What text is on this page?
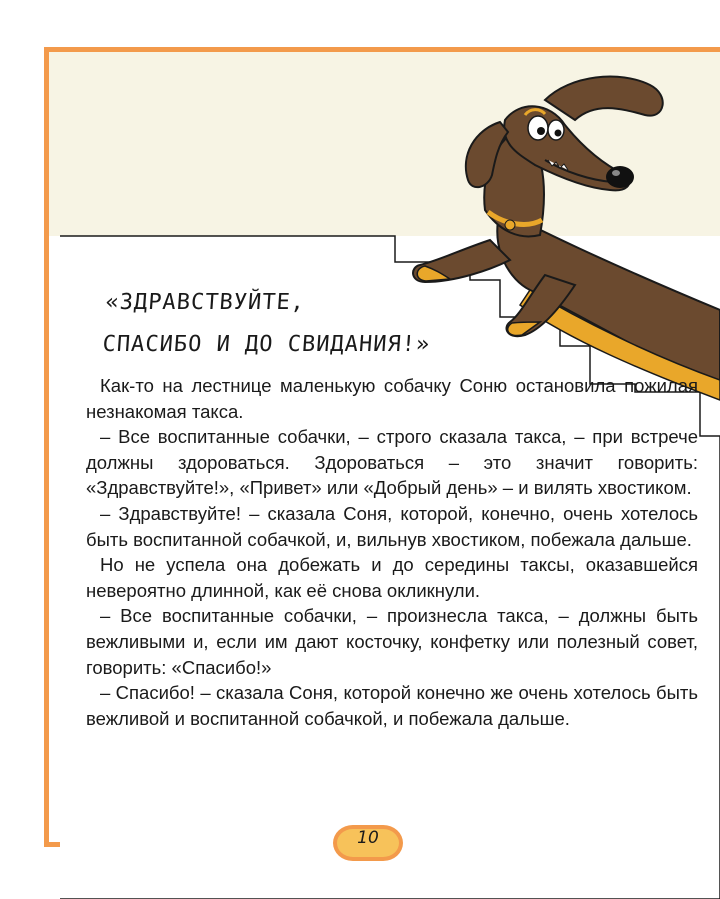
«ЗДРАВСТВУЙТЕ,
СПАСИБО И ДО СВИДАНИЯ!»

Как-то на лестнице маленькую собачку Соню остановила пожилая незнакомая такса.

– Все воспитанные собачки, – строго сказала такса, – при встрече должны здороваться. Здороваться – это значит говорить: «Здравствуйте!», «Привет» или «Добрый день» – и вилять хвостиком.

– Здравствуйте! – сказала Соня, которой, конечно, очень хотелось быть воспитанной собачкой, и, вильнув хвостиком, побежала дальше.

Но не успела она добежать и до середины таксы, оказавшейся невероятно длинной, как её снова окликнули.

– Все воспитанные собачки, – произнесла такса, – должны быть вежливыми и, если им дают косточку, конфетку или полезный совет, говорить: «Спасибо!»

– Спасибо! – сказала Соня, которой конечно же очень хотелось быть вежливой и воспитанной собачкой, и побежала дальше.

10
